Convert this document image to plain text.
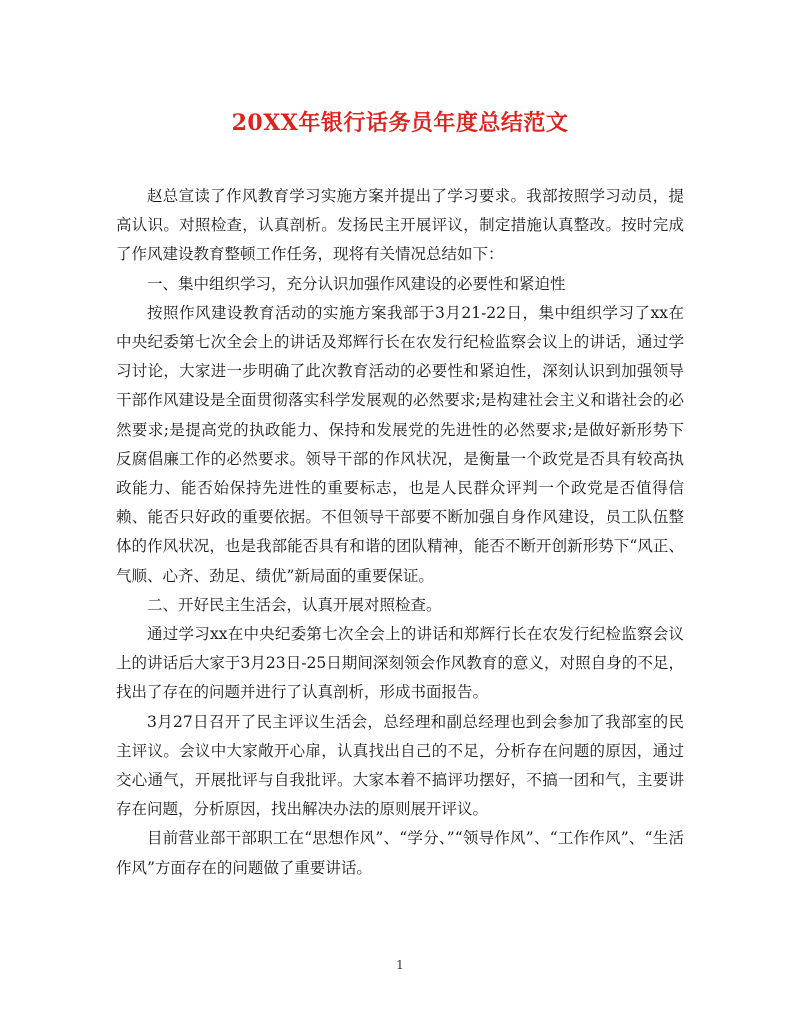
20XX年银行话务员年度总结范文

赵总宣读了作风教育学习实施方案并提出了学习要求。我部按照学习动员，提高认识。对照检查，认真剖析。发扬民主开展评议，制定措施认真整改。按时完成了作风建设教育整顿工作任务，现将有关情况总结如下：

一、集中组织学习，充分认识加强作风建设的必要性和紧迫性

按照作风建设教育活动的实施方案我部于3月21-22日，集中组织学习了xx在中央纪委第七次全会上的讲话及郑辉行长在农发行纪检监察会议上的讲话，通过学习讨论，大家进一步明确了此次教育活动的必要性和紧迫性，深刻认识到加强领导干部作风建设是全面贯彻落实科学发展观的必然要求;是构建社会主义和谐社会的必然要求;是提高党的执政能力、保持和发展党的先进性的必然要求;是做好新形势下反腐倡廉工作的必然要求。领导干部的作风状况，是衡量一个政党是否具有较高执政能力、能否始保持先进性的重要标志，也是人民群众评判一个政党是否值得信赖、能否只好政的重要依据。不但领导干部要不断加强自身作风建设，员工队伍整体的作风状况，也是我部能否具有和谐的团队精神，能否不断开创新形势下“风正、气顺、心齐、劲足、绩优”新局面的重要保证。

二、开好民主生活会，认真开展对照检查。

通过学习xx在中央纪委第七次全会上的讲话和郑辉行长在农发行纪检监察会议上的讲话后大家于3月23日-25日期间深刻领会作风教育的意义，对照自身的不足，找出了存在的问题并进行了认真剖析，形成书面报告。

3月27日召开了民主评议生活会，总经理和副总经理也到会参加了我部室的民主评议。会议中大家敞开心扉，认真找出自己的不足，分析存在问题的原因，通过交心通气，开展批评与自我批评。大家本着不搞评功摆好，不搞一团和气，主要讲存在问题，分析原因，找出解决办法的原则展开评议。

目前营业部干部职工在“思想作风”、“学分、”“领导作风”、“工作作风”、“生活作风”方面存在的问题做了重要讲话。

1
